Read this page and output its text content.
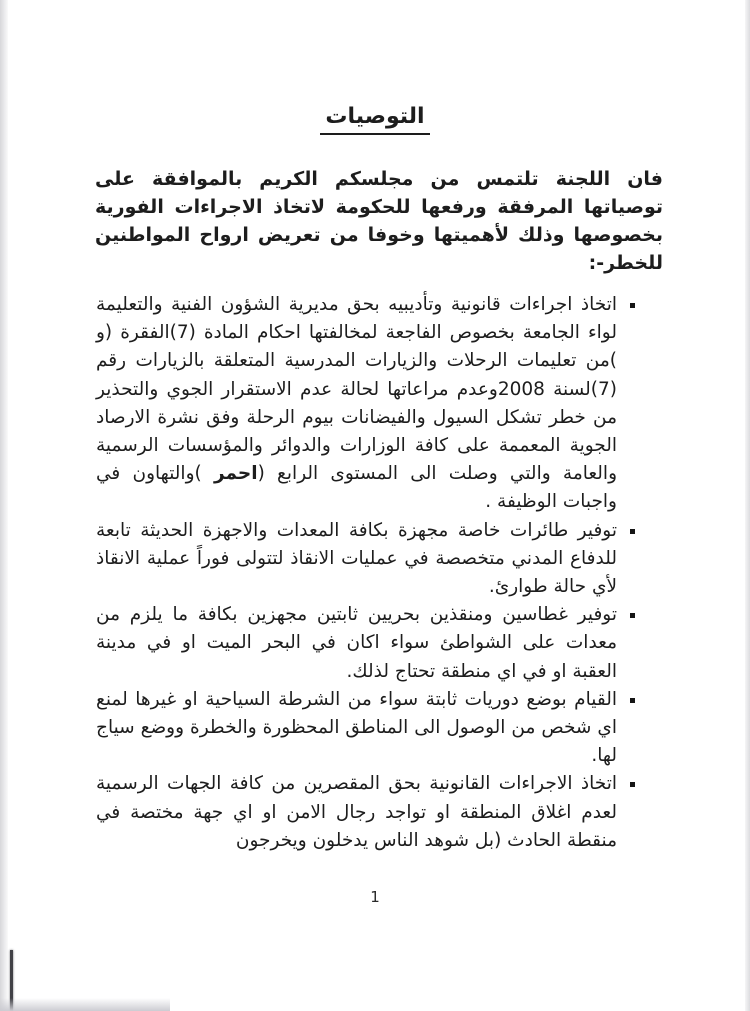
التوصيات

فان اللجنة تلتمس من مجلسكم الكريم بالموافقة على توصياتها المرفقة ورفعها للحكومة لاتخاذ الاجراءات الفورية بخصوصها وذلك لأهميتها وخوفا من تعريض ارواح المواطنين للخطر-:

اتخاذ اجراءات قانونية وتأديبيه بحق مديرية الشؤون الفنية والتعليمة لواء الجامعة بخصوص الفاجعة لمخالفتها احكام المادة (7)الفقرة (و )من تعليمات الرحلات والزيارات المدرسية المتعلقة بالزيارات رقم (7)لسنة 2008وعدم مراعاتها لحالة عدم الاستقرار الجوي والتحذير من خطر تشكل السيول والفيضانات بيوم الرحلة وفق نشرة الارصاد الجوية المعممة على كافة الوزارات والدوائر والمؤسسات الرسمية والعامة والتي وصلت الى المستوى الرابع (احمر )والتهاون في واجبات الوظيفة .
توفير طائرات خاصة مجهزة بكافة المعدات والاجهزة الحديثة تابعة للدفاع المدني متخصصة في عمليات الانقاذ لتتولى فوراً عملية الانقاذ لأي حالة طوارئ.
توفير غطاسين ومنقذين بحريين ثابتين مجهزين بكافة ما يلزم من معدات على الشواطئ سواء اكان في البحر الميت او في مدينة العقبة او في اي منطقة تحتاج لذلك.
القيام بوضع دوريات ثابتة سواء من الشرطة السياحية او غيرها لمنع اي شخص من الوصول الى المناطق المحظورة والخطرة ووضع سياج لها.
اتخاذ الاجراءات القانونية بحق المقصرين من كافة الجهات الرسمية لعدم اغلاق المنطقة او تواجد رجال الامن او اي جهة مختصة في منقطة الحادث (بل شوهد الناس يدخلون ويخرجون
1
